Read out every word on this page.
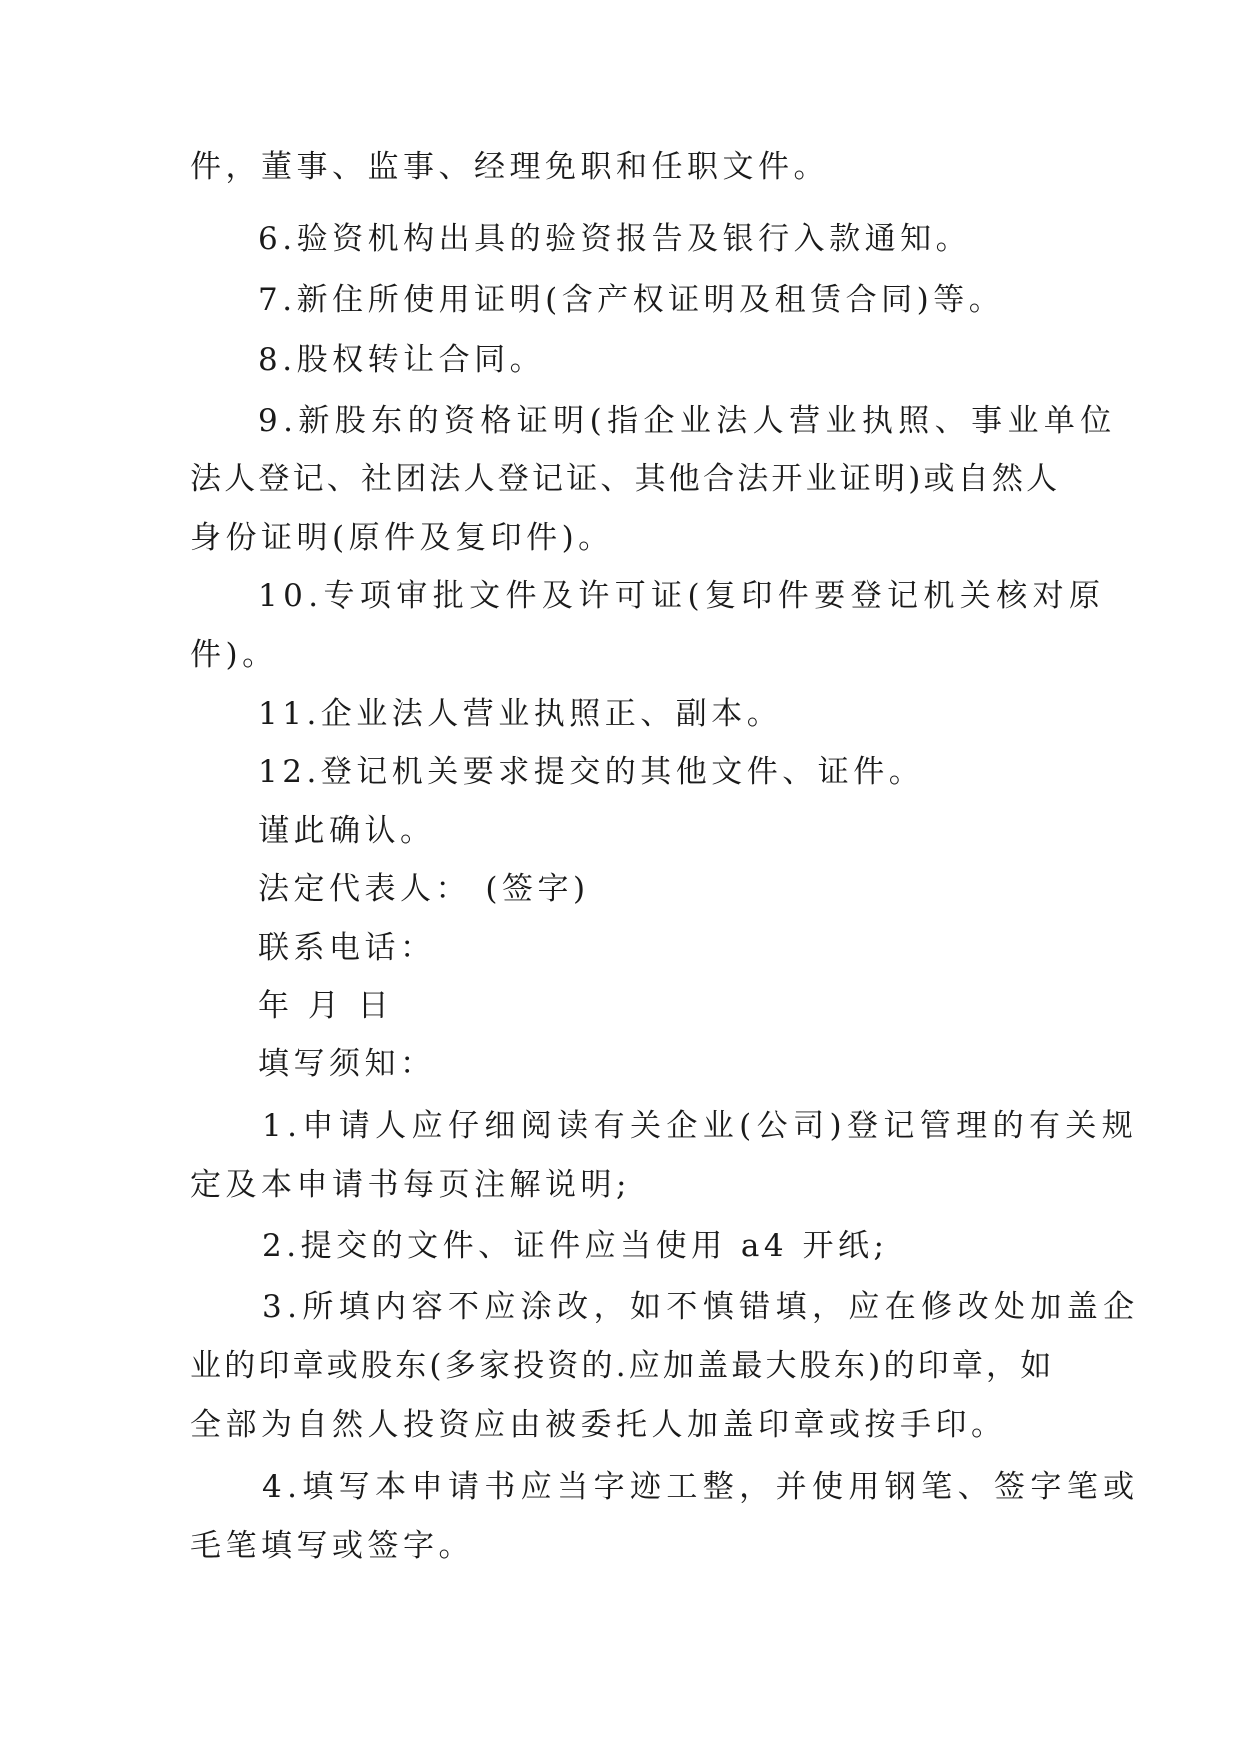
件，董事、监事、经理免职和任职文件。
6.验资机构出具的验资报告及银行入款通知。
7.新住所使用证明(含产权证明及租赁合同)等。
8.股权转让合同。
9.新股东的资格证明(指企业法人营业执照、事业单位
法人登记、社团法人登记证、其他合法开业证明)或自然人
身份证明(原件及复印件)。
10.专项审批文件及许可证(复印件要登记机关核对原
件)。
11.企业法人营业执照正、副本。
12.登记机关要求提交的其他文件、证件。
谨此确认。
法定代表人： (签字)
联系电话：
年 月 日
填写须知：
1.申请人应仔细阅读有关企业(公司)登记管理的有关规
定及本申请书每页注解说明;
2.提交的文件、证件应当使用 a4 开纸;
3.所填内容不应涂改，如不慎错填，应在修改处加盖企
业的印章或股东(多家投资的.应加盖最大股东)的印章，如
全部为自然人投资应由被委托人加盖印章或按手印。
4.填写本申请书应当字迹工整，并使用钢笔、签字笔或
毛笔填写或签字。
